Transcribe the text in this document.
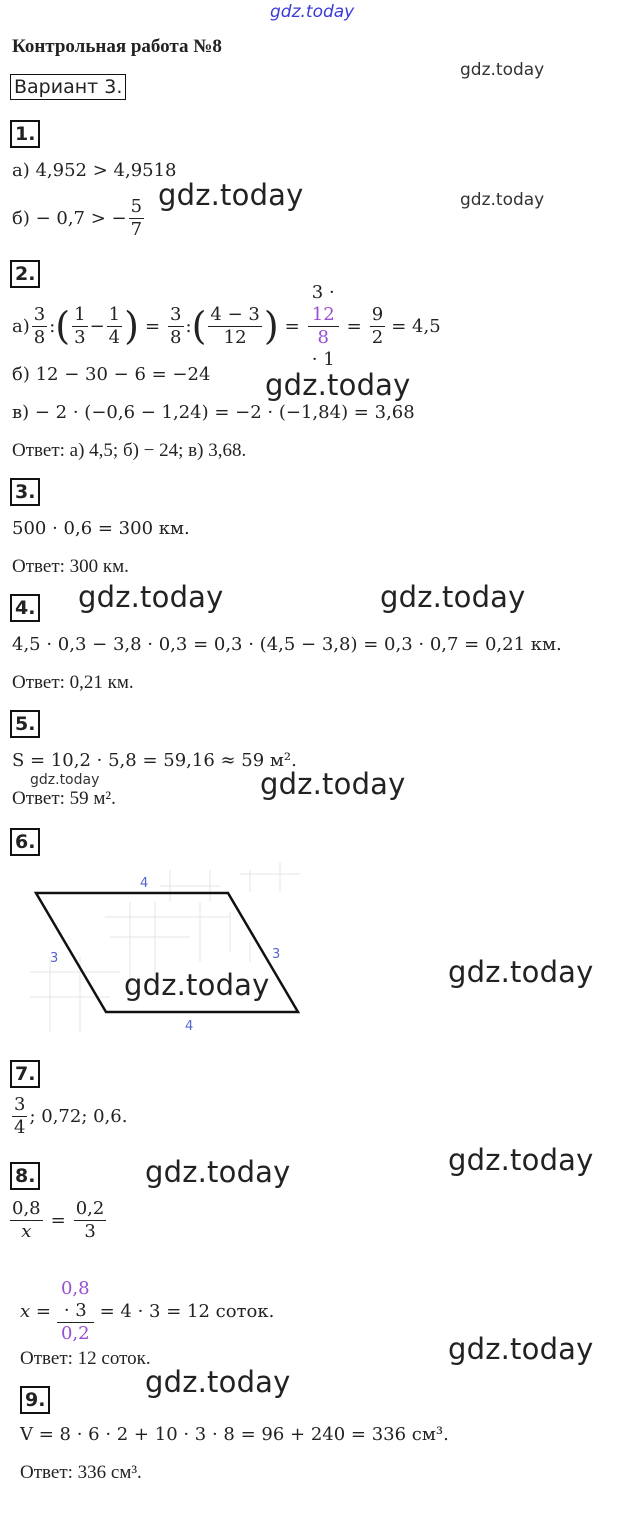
gdz.today
Контрольная работа №8
Вариант 3.
gdz.today
1.
а) 4,952 > 4,9518
б) − 0,7 > − $\frac{5}{7}$
gdz.today	gdz.today
2.
$а) \frac{3}{8}$ : ( $\frac{1}{3} - \frac{1}{4}$ ) = $\frac{3}{8}$ : ( $\frac{4 - 3}{12}$ ) = 3 ·
12
8
· $1 = \frac{9}{2} = 4,5$
б) 12 − 30 − 6 = −24 gdz.today
в) − 2 · (−0,6 − 1,24) = −2 · (−1,84) = 3,68
Ответ: а) 4,5; б) − 24; в) 3,68.
3.
500 · 0,6 = 300 км.
Ответ: 300 км.
4. gdz.today	gdz.today
4,5 · 0,3 − 3,8 · 0,3 = 0,3 · (4,5 − 3,8) = 0,3 · 0,7 = 0,21 км.
Ответ: 0,21 км.
5.
S = 10,2 · 5,8 = 59,16 ≈ 59 м².
gdz.today
Ответ: 59 м².	gdz.today
6.
4
4
3	3
gdz.today	gdz.today
7.
$\frac{3}{4}$ ; 0,72; 0,6.
8.	gdz.today	gdz.today
$\frac{0,8}{x} = \frac{0,2}{3}$
x = 0,8
· 3
0,2 = 4 · 3 = 12 соток.
Ответ: 12 соток.	gdz.today
gdz.today
9.
V = 8 · 6 · 2 + 10 · 3 · 8 = 96 + 240 = 336 см³.
Ответ: 336 см³.
